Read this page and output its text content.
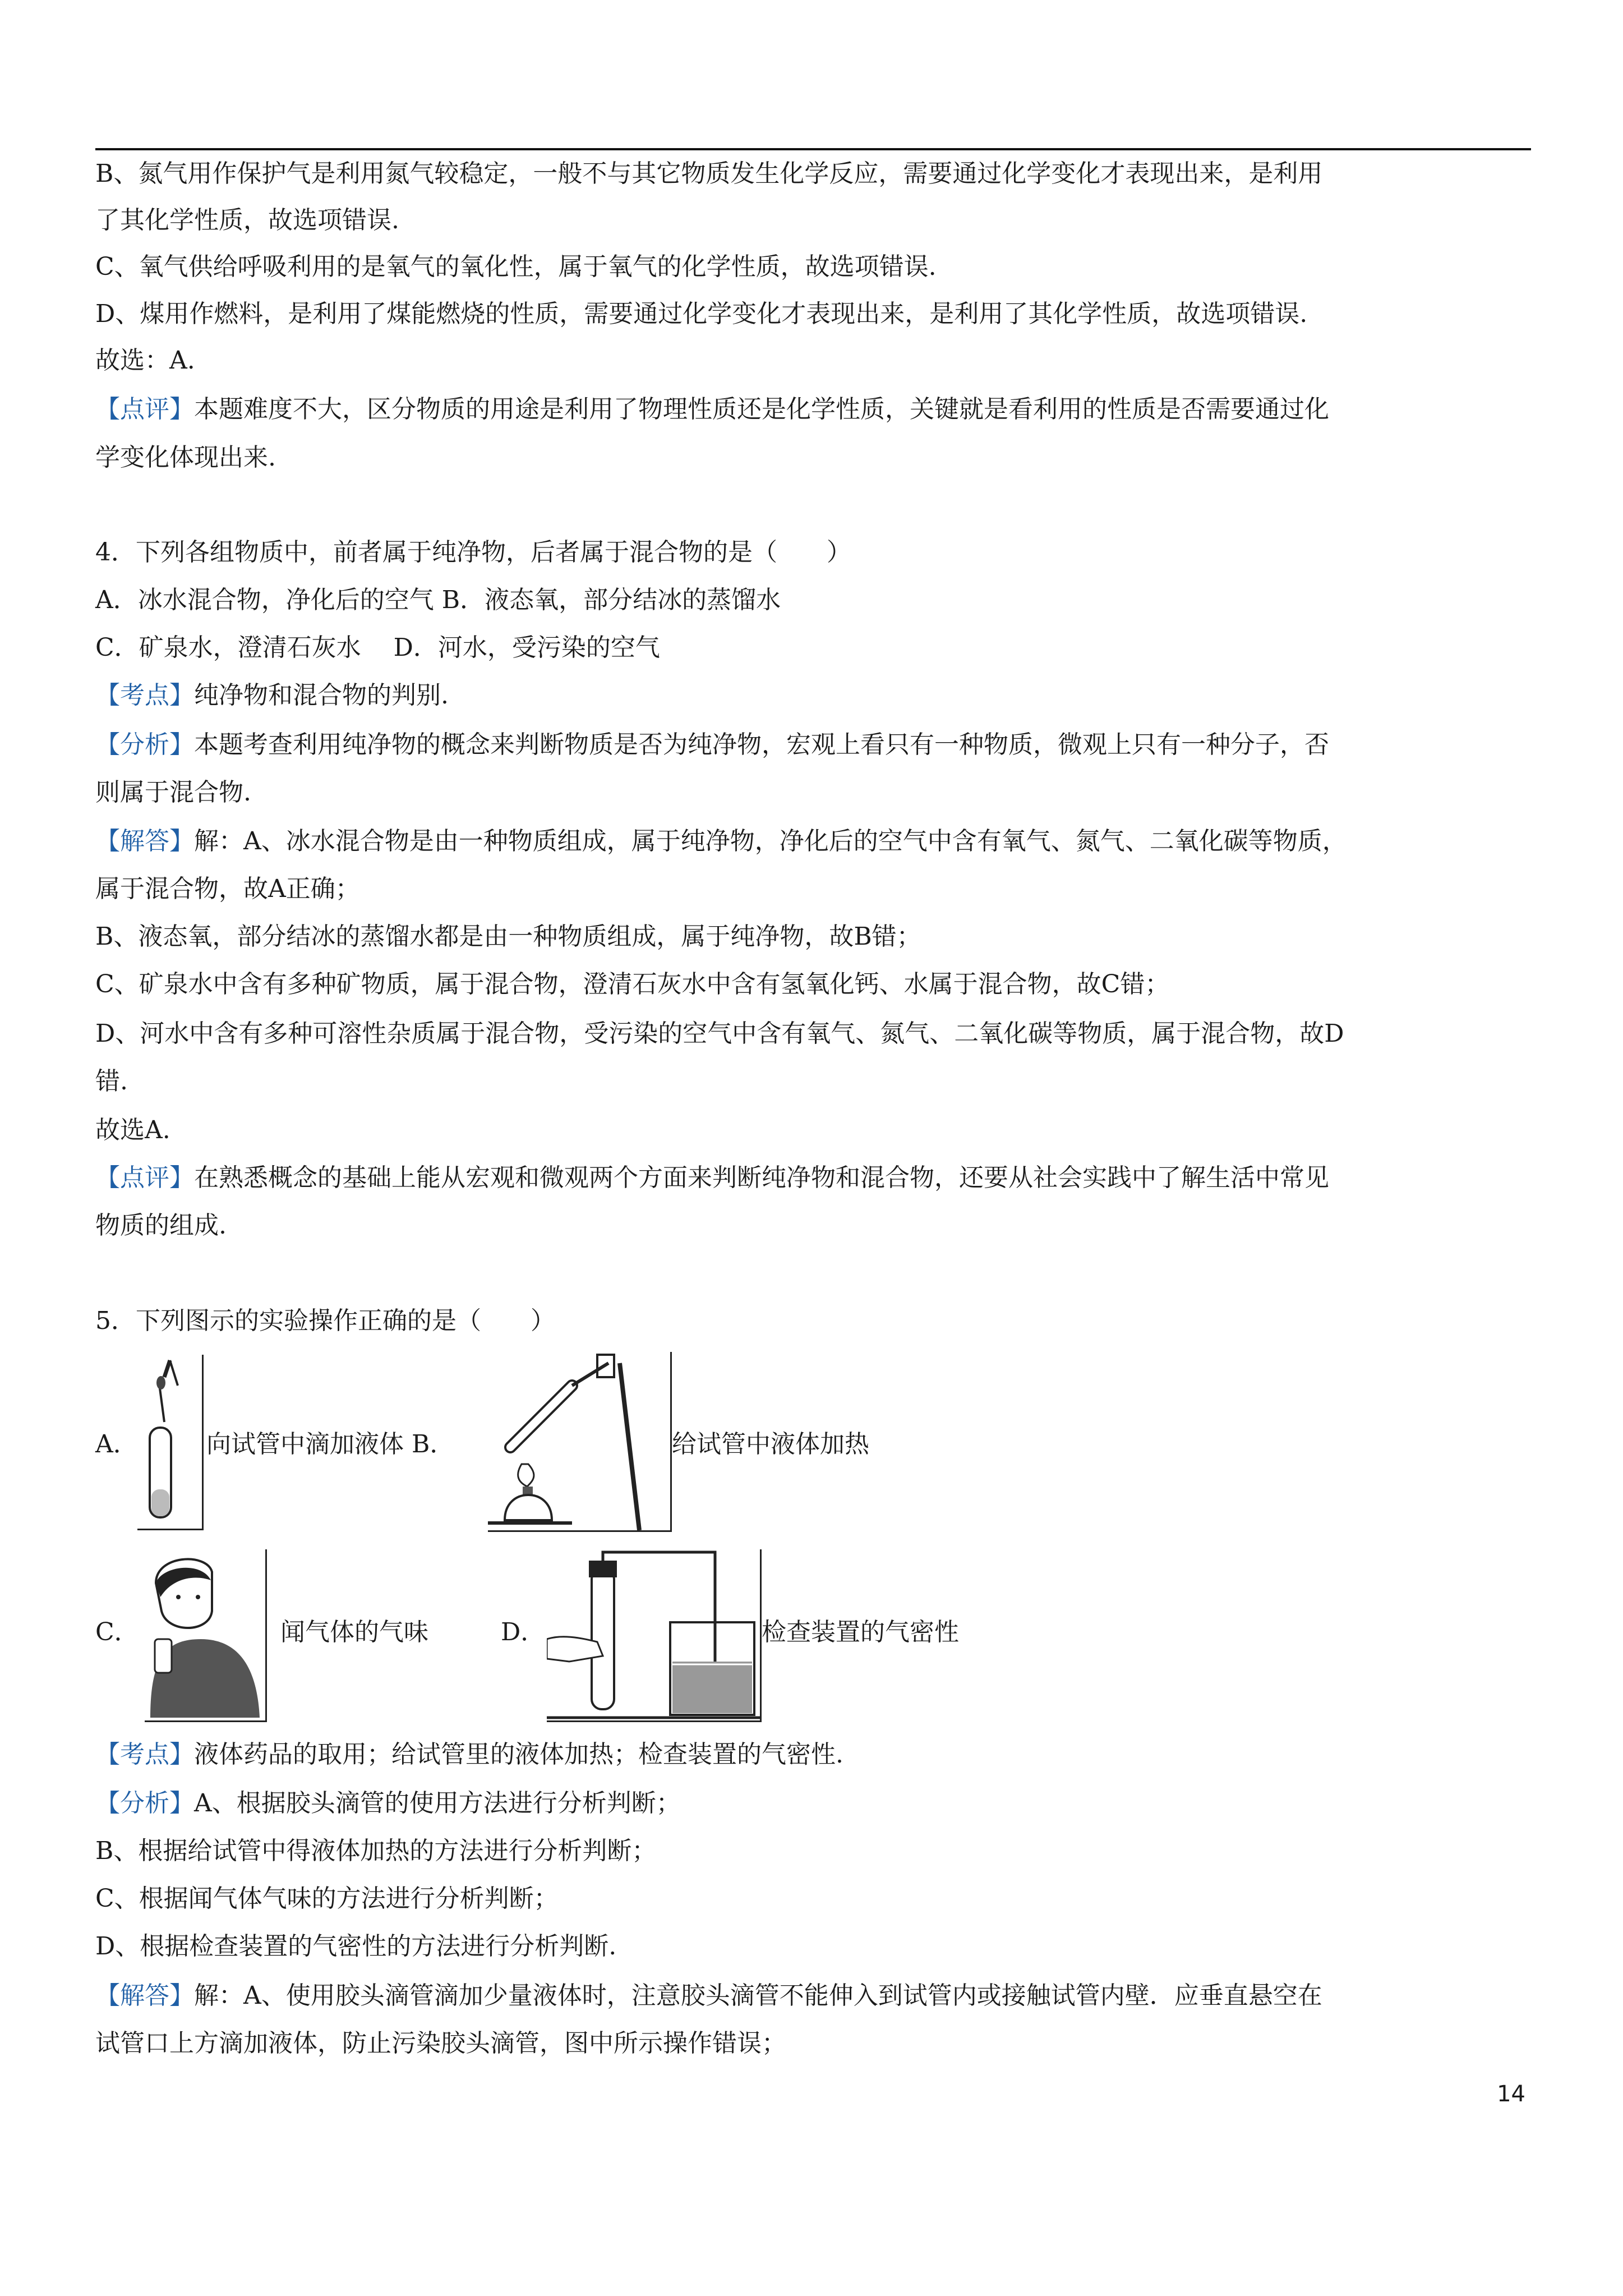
B、氮气用作保护气是利用氮气较稳定，一般不与其它物质发生化学反应，需要通过化学变化才表现出来，是利用
了其化学性质，故选项错误.
C、氧气供给呼吸利用的是氧气的氧化性，属于氧气的化学性质，故选项错误.
D、煤用作燃料，是利用了煤能燃烧的性质，需要通过化学变化才表现出来，是利用了其化学性质，故选项错误.
故选：A.
【点评】本题难度不大，区分物质的用途是利用了物理性质还是化学性质，关键就是看利用的性质是否需要通过化
学变化体现出来.
4．下列各组物质中，前者属于纯净物，后者属于混合物的是（　　）
A．冰水混合物，净化后的空气 B．液态氧，部分结冰的蒸馏水
C．矿泉水，澄清石灰水　 D．河水，受污染的空气
【考点】纯净物和混合物的判别.
【分析】本题考查利用纯净物的概念来判断物质是否为纯净物，宏观上看只有一种物质，微观上只有一种分子，否
则属于混合物.
【解答】解：A、冰水混合物是由一种物质组成，属于纯净物，净化后的空气中含有氧气、氮气、二氧化碳等物质，
属于混合物，故A正确；
B、液态氧，部分结冰的蒸馏水都是由一种物质组成，属于纯净物，故B错；
C、矿泉水中含有多种矿物质，属于混合物，澄清石灰水中含有氢氧化钙、水属于混合物，故C错；
D、河水中含有多种可溶性杂质属于混合物，受污染的空气中含有氧气、氮气、二氧化碳等物质，属于混合物，故D
错.
故选A.
【点评】在熟悉概念的基础上能从宏观和微观两个方面来判断纯净物和混合物，还要从社会实践中了解生活中常见
物质的组成.
5．下列图示的实验操作正确的是（　　）
A．	向试管中滴加液体 B．	给试管中液体加热
C．	闻气体的气味	D．	检查装置的气密性
【考点】液体药品的取用；给试管里的液体加热；检查装置的气密性.
【分析】A、根据胶头滴管的使用方法进行分析判断；
B、根据给试管中得液体加热的方法进行分析判断；
C、根据闻气体气味的方法进行分析判断；
D、根据检查装置的气密性的方法进行分析判断.
【解答】解：A、使用胶头滴管滴加少量液体时，注意胶头滴管不能伸入到试管内或接触试管内壁．应垂直悬空在
试管口上方滴加液体，防止污染胶头滴管，图中所示操作错误；
14
